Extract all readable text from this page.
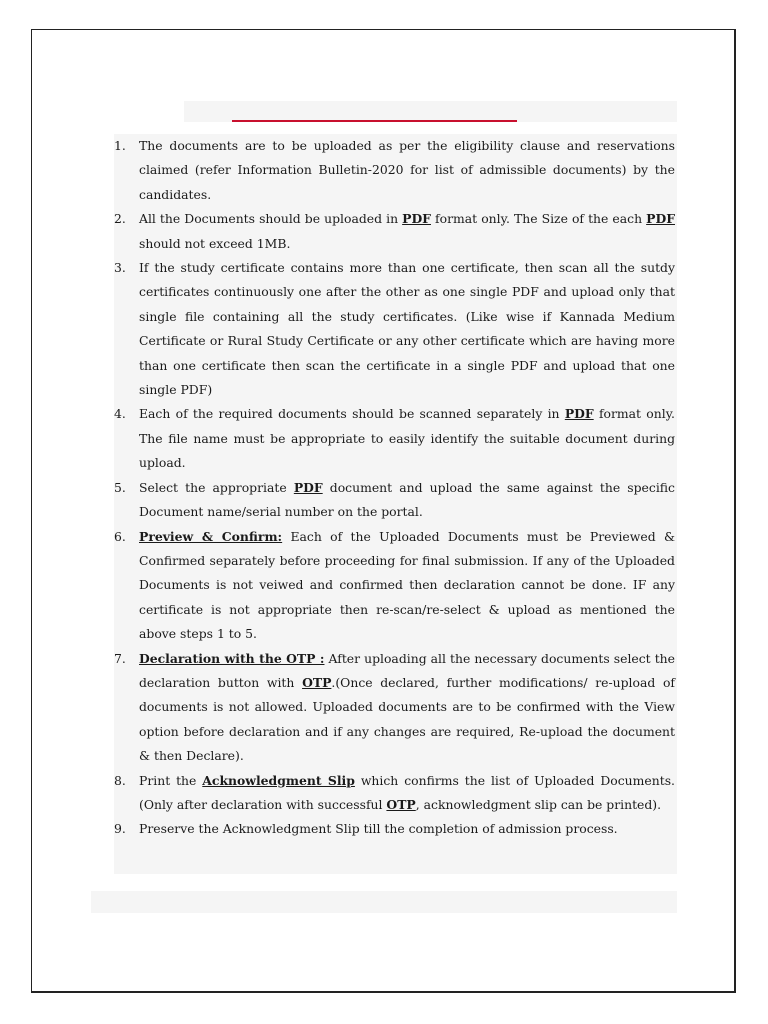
1.	The documents are to be uploaded as per the eligibility clause and reservations claimed (refer Information Bulletin-2020 for list of admissible documents) by the candidates.
2.	All the Documents should be uploaded in PDF format only. The Size of the each PDF should not exceed 1MB.
3.	If the study certificate contains more than one certificate, then scan all the sutdy certificates continuously one after the other as one single PDF and upload only that single file containing all the study certificates. (Like wise if Kannada Medium Certificate or Rural Study Certificate or any other certificate which are having more than one certificate then scan the certificate in a single PDF and upload that one single PDF)
4.	Each of the required documents should be scanned separately in PDF format only. The file name must be appropriate to easily identify the suitable document during upload.
5.	Select the appropriate PDF document and upload the same against the specific Document name/serial number on the portal.
6.	Preview & Confirm: Each of the Uploaded Documents must be Previewed & Confirmed separately before proceeding for final submission. If any of the Uploaded Documents is not veiwed and confirmed then declaration cannot be done. IF any certificate is not appropriate then re-scan/re-select & upload as mentioned the above steps 1 to 5.
7.	Declaration with the OTP : After uploading all the necessary documents select the declaration button with OTP.(Once declared, further modifications/ re-upload of documents is not allowed. Uploaded documents are to be confirmed with the View option before declaration and if any changes are required, Re-upload the document & then Declare).
8.	Print the Acknowledgment Slip which confirms the list of Uploaded Documents.(Only after declaration with successful OTP, acknowledgment slip can be printed).
9.	Preserve the Acknowledgment Slip till the completion of admission process.
